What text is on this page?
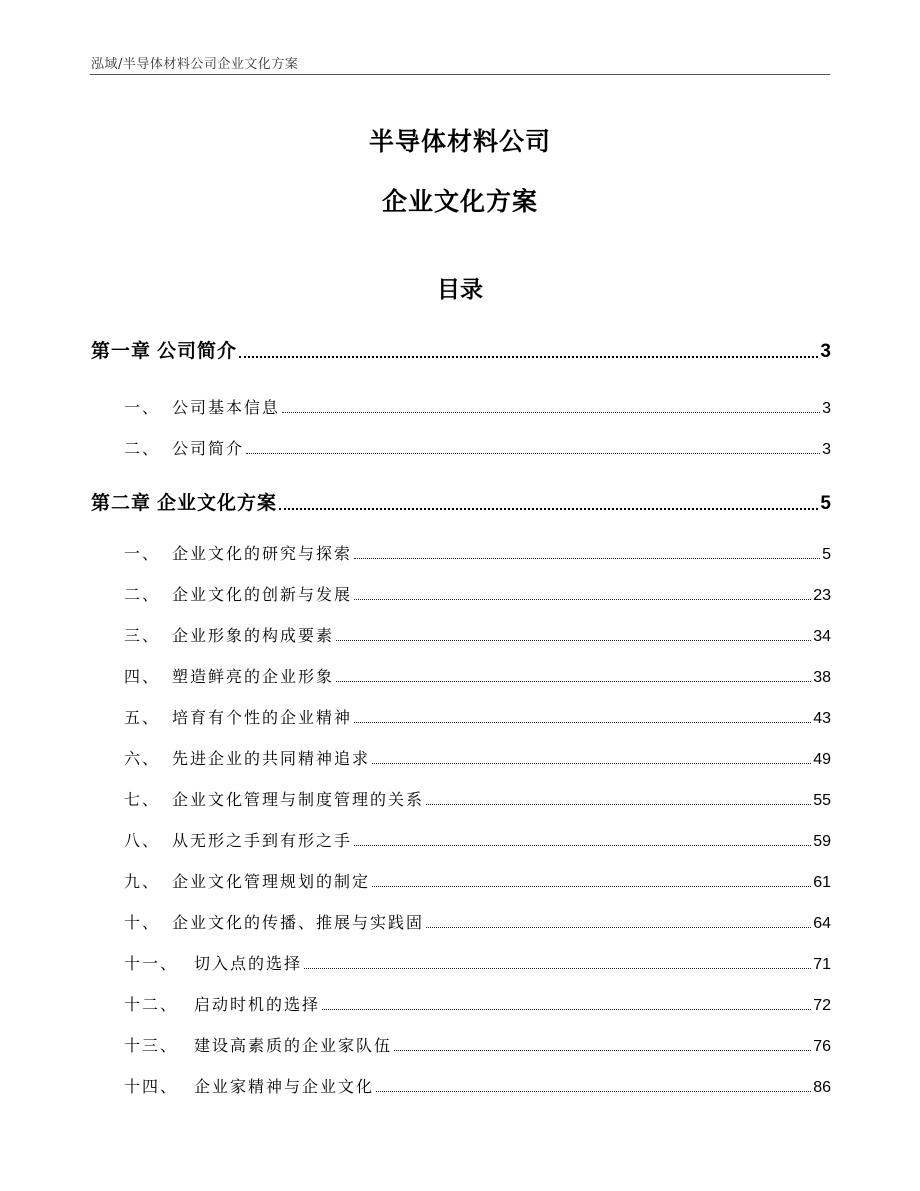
泓域/半导体材料公司企业文化方案
半导体材料公司
企业文化方案
目录
第一章 公司简介	3
一、 公司基本信息	3
二、 公司简介	3
第二章 企业文化方案	5
一、 企业文化的研究与探索	5
二、 企业文化的创新与发展	23
三、 企业形象的构成要素	34
四、 塑造鲜亮的企业形象	38
五、 培育有个性的企业精神	43
六、 先进企业的共同精神追求	49
七、 企业文化管理与制度管理的关系	55
八、 从无形之手到有形之手	59
九、 企业文化管理规划的制定	61
十、 企业文化的传播、推展与实践固	64
十一、 切入点的选择	71
十二、 启动时机的选择	72
十三、 建设高素质的企业家队伍	76
十四、 企业家精神与企业文化	86
